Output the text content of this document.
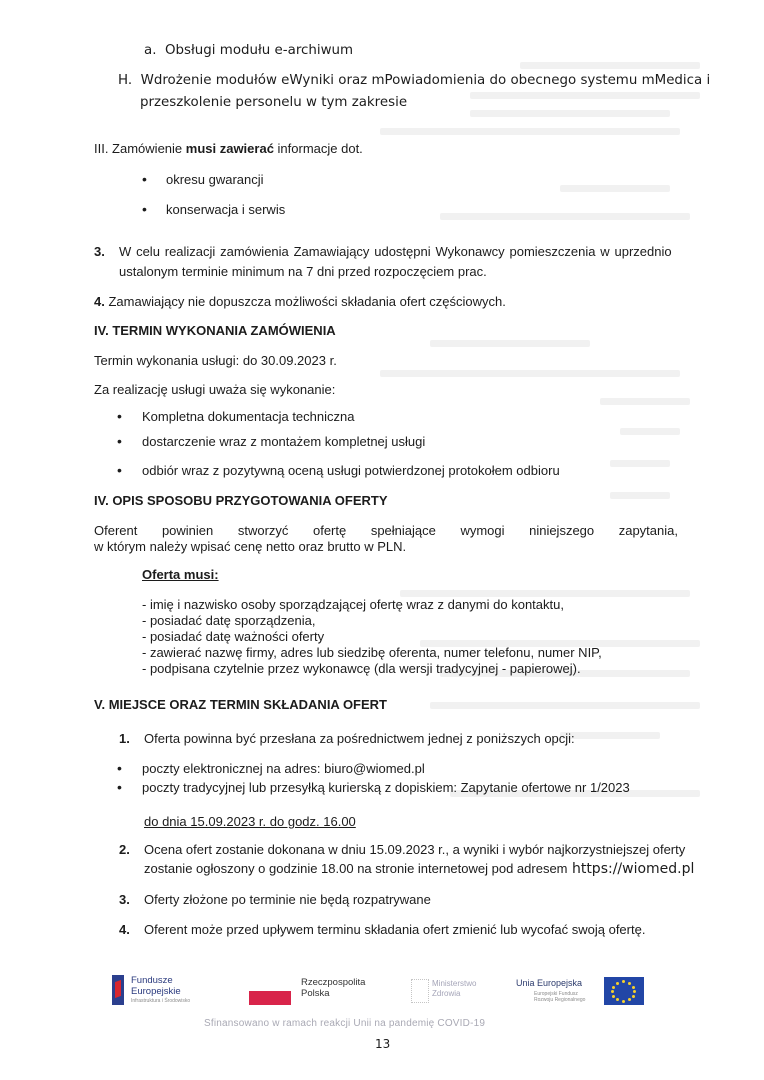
a. Obsługi modułu e-archiwum
H. Wdrożenie modułów eWyniki oraz mPowiadomienia do obecnego systemu mMedica i
przeszkolenie personelu w tym zakresie
III. Zamówienie musi zawierać informacje dot.
• okresu gwarancji
• konserwacja i serwis
3. W celu realizacji zamówienia Zamawiający udostępni Wykonawcy pomieszczenia w uprzednio
ustalonym terminie minimum na 7 dni przed rozpoczęciem prac.
4. Zamawiający nie dopuszcza możliwości składania ofert częściowych.
IV. TERMIN WYKONANIA ZAMÓWIENIA
Termin wykonania usługi: do 30.09.2023 r.
Za realizację usługi uważa się wykonanie:
• Kompletna dokumentacja techniczna
• dostarczenie wraz z montażem kompletnej usługi
• odbiór wraz z pozytywną oceną usługi potwierdzonej protokołem odbioru
IV. OPIS SPOSOBU PRZYGOTOWANIA OFERTY
Oferent powinien stworzyć ofertę spełniające wymogi niniejszego zapytania,
w którym należy wpisać cenę netto oraz brutto w PLN.
Oferta musi:
- imię i nazwisko osoby sporządzającej ofertę wraz z danymi do kontaktu,
- posiadać datę sporządzenia,
- posiadać datę ważności oferty
- zawierać nazwę firmy, adres lub siedzibę oferenta, numer telefonu, numer NIP,
- podpisana czytelnie przez wykonawcę (dla wersji tradycyjnej - papierowej).
V. MIEJSCE ORAZ TERMIN SKŁADANIA OFERT
1. Oferta powinna być przesłana za pośrednictwem jednej z poniższych opcji:
• poczty elektronicznej na adres: biuro@wiomed.pl
• poczty tradycyjnej lub przesyłką kurierską z dopiskiem: Zapytanie ofertowe nr 1/2023
do dnia 15.09.2023 r. do godz. 16.00
2. Ocena ofert zostanie dokonana w dniu 15.09.2023 r., a wyniki i wybór najkorzystniejszej oferty
zostanie ogłoszony o godzinie 18.00 na stronie internetowej pod adresem https://wiomed.pl
3. Oferty złożone po terminie nie będą rozpatrywane
4. Oferent może przed upływem terminu składania ofert zmienić lub wycofać swoją ofertę.
Fundusze
Europejskie
Infrastruktura i Środowisko
Rzeczpospolita
Polska
Ministerstwo
Zdrowia
Unia Europejska
Europejski Fundusz
Rozwoju Regionalnego
Sfinansowano w ramach reakcji Unii na pandemię COVID-19
13
